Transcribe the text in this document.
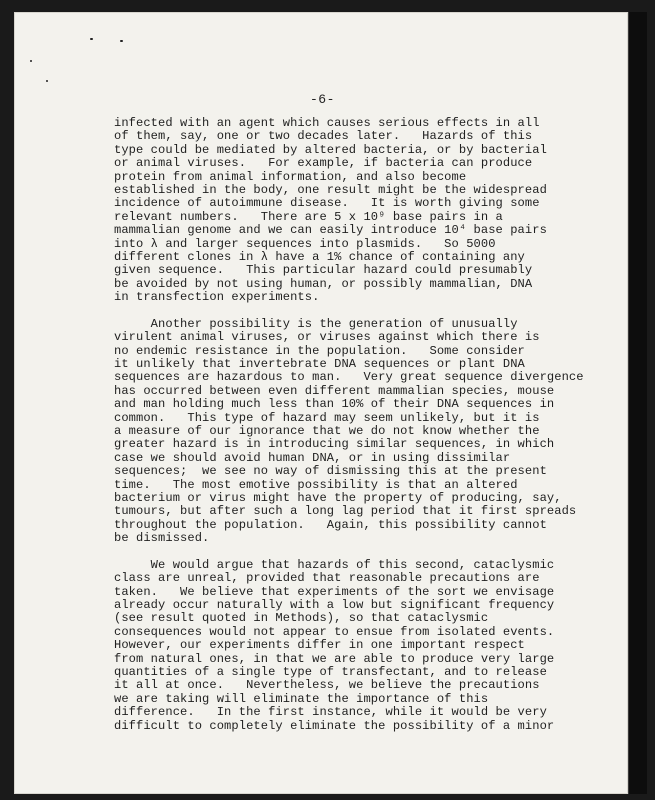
-6-
infected with an agent which causes serious effects in all
of them, say, one or two decades later.   Hazards of this
type could be mediated by altered bacteria, or by bacterial
or animal viruses.   For example, if bacteria can produce
protein from animal information, and also become
established in the body, one result might be the widespread
incidence of autoimmune disease.   It is worth giving some
relevant numbers.   There are 5 x 10⁹ base pairs in a
mammalian genome and we can easily introduce 10⁴ base pairs
into λ and larger sequences into plasmids.   So 5000
different clones in λ have a 1% chance of containing any
given sequence.   This particular hazard could presumably
be avoided by not using human, or possibly mammalian, DNA
in transfection experiments.
Another possibility is the generation of unusually
virulent animal viruses, or viruses against which there is
no endemic resistance in the population.   Some consider
it unlikely that invertebrate DNA sequences or plant DNA
sequences are hazardous to man.   Very great sequence divergence
has occurred between even different mammalian species, mouse
and man holding much less than 10% of their DNA sequences in
common.   This type of hazard may seem unlikely, but it is
a measure of our ignorance that we do not know whether the
greater hazard is in introducing similar sequences, in which
case we should avoid human DNA, or in using dissimilar
sequences;  we see no way of dismissing this at the present
time.   The most emotive possibility is that an altered
bacterium or virus might have the property of producing, say,
tumours, but after such a long lag period that it first spreads
throughout the population.   Again, this possibility cannot
be dismissed.
We would argue that hazards of this second, cataclysmic
class are unreal, provided that reasonable precautions are
taken.   We believe that experiments of the sort we envisage
already occur naturally with a low but significant frequency
(see result quoted in Methods), so that cataclysmic
consequences would not appear to ensue from isolated events.
However, our experiments differ in one important respect
from natural ones, in that we are able to produce very large
quantities of a single type of transfectant, and to release
it all at once.   Nevertheless, we believe the precautions
we are taking will eliminate the importance of this
difference.   In the first instance, while it would be very
difficult to completely eliminate the possibility of a minor
